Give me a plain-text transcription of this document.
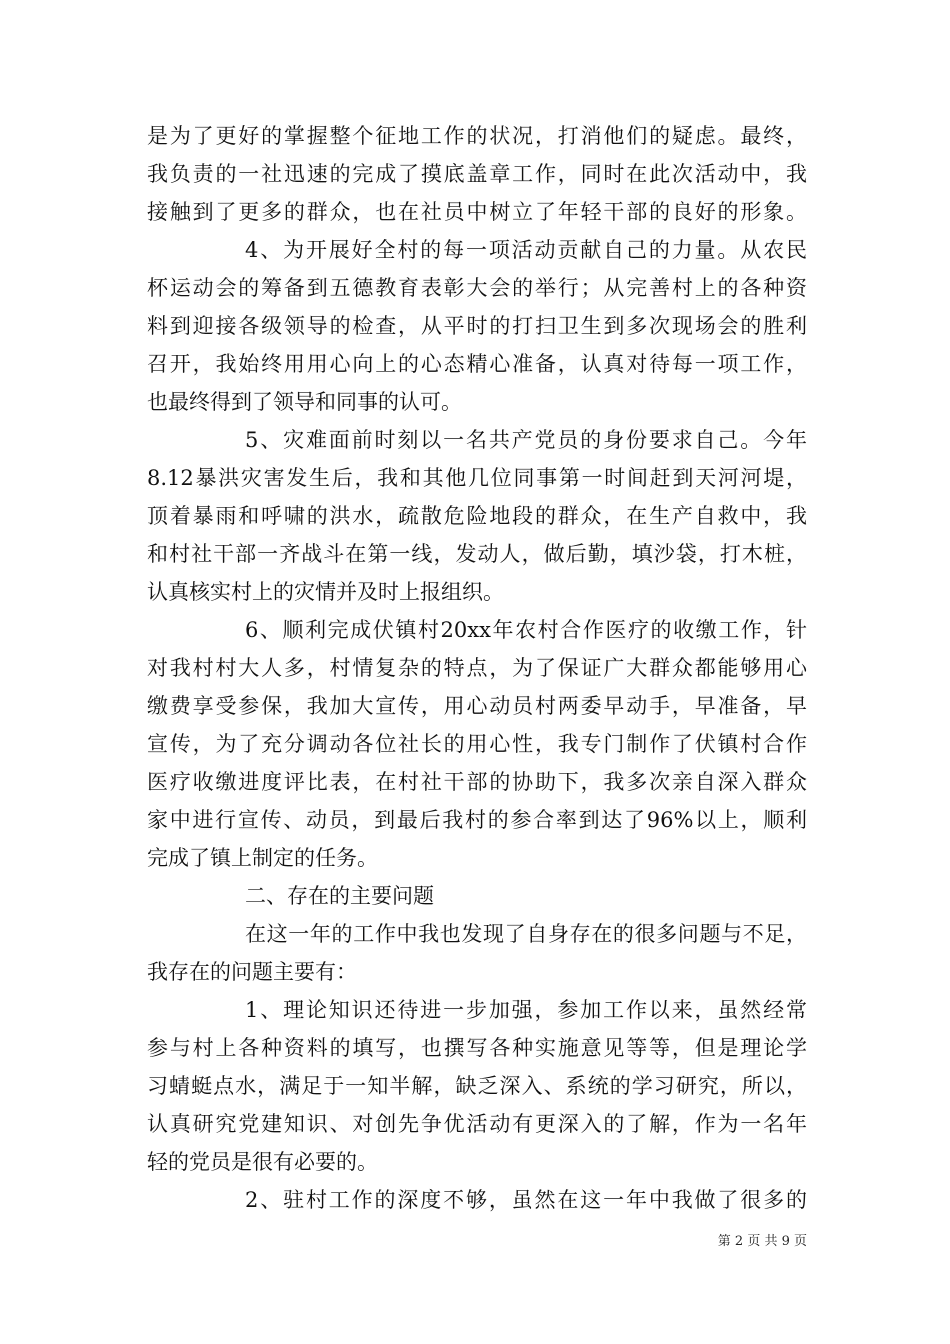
是为了更好的掌握整个征地工作的状况，打消他们的疑虑。最终，
我负责的一社迅速的完成了摸底盖章工作，同时在此次活动中，我
接触到了更多的群众，也在社员中树立了年轻干部的良好的形象。
4、为开展好全村的每一项活动贡献自己的力量。从农民
杯运动会的筹备到五德教育表彰大会的举行；从完善村上的各种资
料到迎接各级领导的检查，从平时的打扫卫生到多次现场会的胜利
召开，我始终用用心向上的心态精心准备，认真对待每一项工作，
也最终得到了领导和同事的认可。
5、灾难面前时刻以一名共产党员的身份要求自己。今年
8.12暴洪灾害发生后，我和其他几位同事第一时间赶到天河河堤，
顶着暴雨和呼啸的洪水，疏散危险地段的群众，在生产自救中，我
和村社干部一齐战斗在第一线，发动人，做后勤，填沙袋，打木桩，
认真核实村上的灾情并及时上报组织。
6、顺利完成伏镇村20xx年农村合作医疗的收缴工作，针
对我村村大人多，村情复杂的特点，为了保证广大群众都能够用心
缴费享受参保，我加大宣传，用心动员村两委早动手，早准备，早
宣传，为了充分调动各位社长的用心性，我专门制作了伏镇村合作
医疗收缴进度评比表，在村社干部的协助下，我多次亲自深入群众
家中进行宣传、动员，到最后我村的参合率到达了96%以上，顺利
完成了镇上制定的任务。
二、存在的主要问题
在这一年的工作中我也发现了自身存在的很多问题与不足，
我存在的问题主要有：
1、理论知识还待进一步加强，参加工作以来，虽然经常
参与村上各种资料的填写，也撰写各种实施意见等等，但是理论学
习蜻蜓点水，满足于一知半解，缺乏深入、系统的学习研究，所以，
认真研究党建知识、对创先争优活动有更深入的了解，作为一名年
轻的党员是很有必要的。
2、驻村工作的深度不够，虽然在这一年中我做了很多的
第 2 页 共 9 页
